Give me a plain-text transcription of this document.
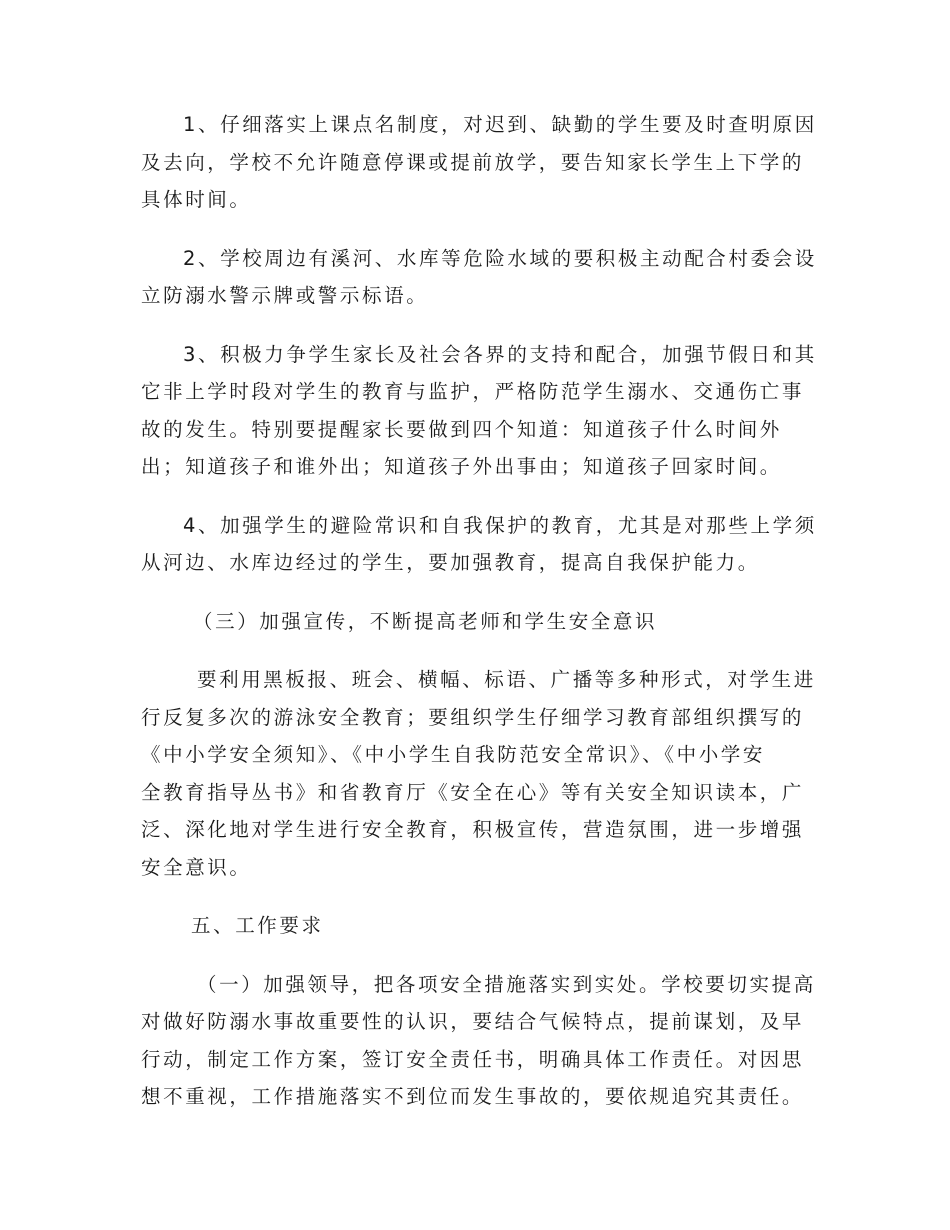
1、仔细落实上课点名制度，对迟到、缺勤的学生要及时查明原因
及去向，学校不允许随意停课或提前放学，要告知家长学生上下学的
具体时间。

2、学校周边有溪河、水库等危险水域的要积极主动配合村委会设
立防溺水警示牌或警示标语。

3、积极力争学生家长及社会各界的支持和配合，加强节假日和其
它非上学时段对学生的教育与监护，严格防范学生溺水、交通伤亡事
故的发生。特别要提醒家长要做到四个知道：知道孩子什么时间外
出；知道孩子和谁外出；知道孩子外出事由；知道孩子回家时间。

4、加强学生的避险常识和自我保护的教育，尤其是对那些上学须
从河边、水库边经过的学生，要加强教育，提高自我保护能力。

（三）加强宣传，不断提高老师和学生安全意识

要利用黑板报、班会、横幅、标语、广播等多种形式，对学生进
行反复多次的游泳安全教育；要组织学生仔细学习教育部组织撰写的
《中小学安全须知》、《中小学生自我防范安全常识》、《中小学安
全教育指导丛书》和省教育厅《安全在心》等有关安全知识读本，广
泛、深化地对学生进行安全教育，积极宣传，营造氛围，进一步增强
安全意识。

五、工作要求

（一）加强领导，把各项安全措施落实到实处。学校要切实提高
对做好防溺水事故重要性的认识，要结合气候特点，提前谋划，及早
行动，制定工作方案，签订安全责任书，明确具体工作责任。对因思
想不重视，工作措施落实不到位而发生事故的，要依规追究其责任。
